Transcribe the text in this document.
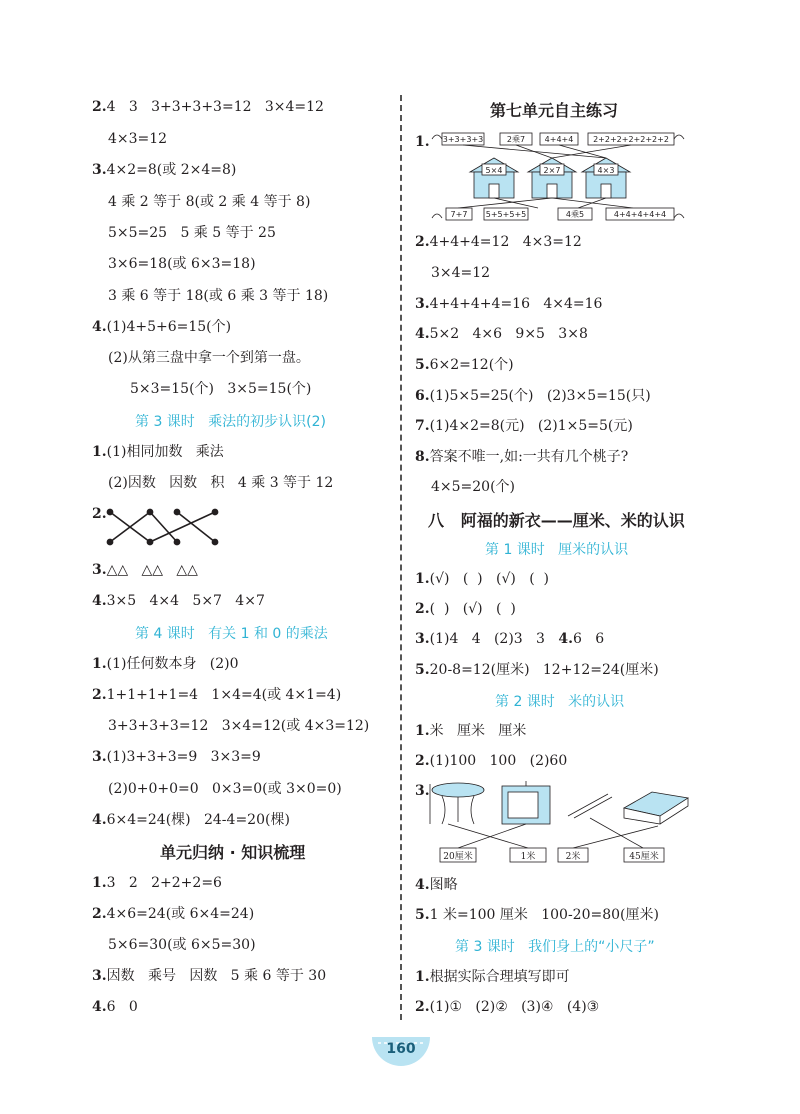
2.4   3   3+3+3+3=12   3×4=12
4×3=12
3.4×2=8(或 2×4=8)
4 乘 2 等于 8(或 2 乘 4 等于 8)
5×5=25   5 乘 5 等于 25
3×6=18(或 6×3=18)
3 乘 6 等于 18(或 6 乘 3 等于 18)
4.(1)4+5+6=15(个)
(2)从第三盘中拿一个到第一盘。
5×3=15(个)   3×5=15(个)
第 3 课时   乘法的初步认识(2)
1.(1)相同加数   乘法
(2)因数   因数   积   4 乘 3 等于 12
2.
3.△△   △△   △△
4.3×5   4×4   5×7   4×7
第 4 课时   有关 1 和 0 的乘法
1.(1)任何数本身   (2)0
2.1+1+1+1=4   1×4=4(或 4×1=4)
3+3+3+3=12   3×4=12(或 4×3=12)
3.(1)3+3+3=9   3×3=9
(2)0+0+0=0   0×3=0(或 3×0=0)
4.6×4=24(棵)   24-4=20(棵)
单元归纳 · 知识梳理
1.3   2   2+2+2=6
2.4×6=24(或 6×4=24)
5×6=30(或 6×5=30)
3.因数   乘号   因数   5 乘 6 等于 30
4.6   0
第七单元自主练习
1. 3+3+3+3	2乘7 4+4+4 2+2+2+2+2+2+2
5×4	2×7	4×3
7+7 5+5+5+5	4乘5	4+4+4+4+4
2.4+4+4=12   4×3=12
3×4=12
3.4+4+4+4=16   4×4=16
4.5×2   4×6   9×5   3×8
5.6×2=12(个)
6.(1)5×5=25(个)   (2)3×5=15(只)
7.(1)4×2=8(元)   (2)1×5=5(元)
8.答案不唯一,如:一共有几个桃子?
4×5=20(个)
八   阿福的新衣——厘米、米的认识
第 1 课时   厘米的认识
1.(√)   (  )   (√)   (  )
2.(  )   (√)   (  )
3.(1)4   4   (2)3   3   4.6   6
5.20-8=12(厘米)   12+12=24(厘米)
第 2 课时   米的认识
1.米   厘米   厘米
2.(1)100   100   (2)60
3.
20厘米	1米	2米	45厘米
4.图略
5.1 米=100 厘米   100-20=80(厘米)
第 3 课时   我们身上的“小尺子”
1.根据实际合理填写即可
2.(1)①   (2)②   (3)④   (4)③
160
